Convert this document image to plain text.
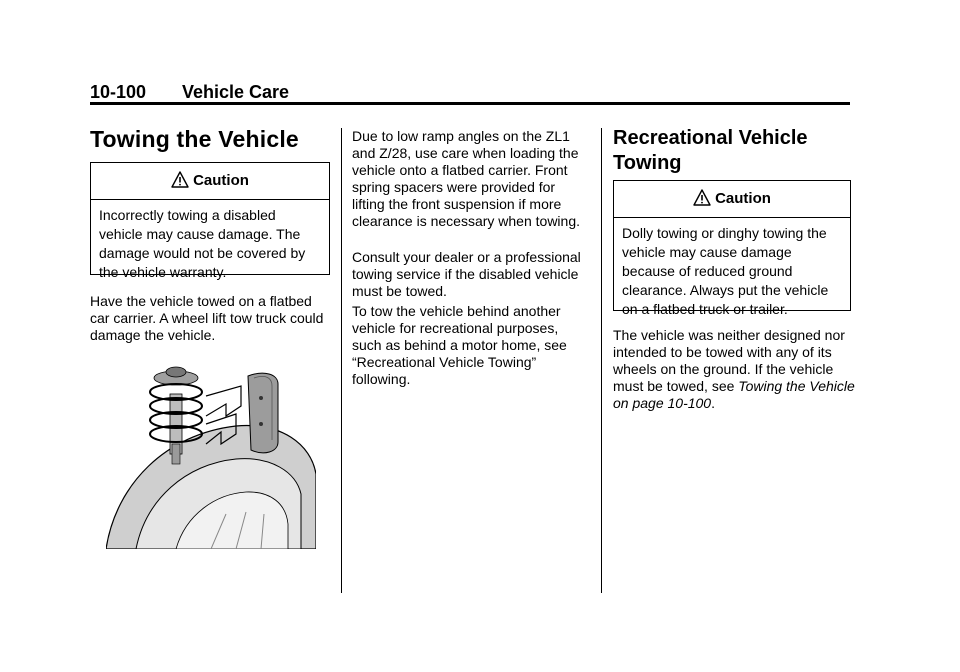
10-100 Vehicle Care
Towing the Vehicle
Caution
Incorrectly towing a disabled vehicle may cause damage. The damage would not be covered by the vehicle warranty.

Have the vehicle towed on a flatbed car carrier. A wheel lift tow truck could damage the vehicle.

Due to low ramp angles on the ZL1 and Z/28, use care when loading the vehicle onto a flatbed carrier. Front spring spacers were provided for lifting the front suspension if more clearance is necessary when towing.

Consult your dealer or a professional towing service if the disabled vehicle must be towed.

To tow the vehicle behind another vehicle for recreational purposes, such as behind a motor home, see “Recreational Vehicle Towing” following.

Recreational Vehicle Towing
Caution
Dolly towing or dinghy towing the vehicle may cause damage because of reduced ground clearance. Always put the vehicle on a flatbed truck or trailer.

The vehicle was neither designed nor intended to be towed with any of its wheels on the ground. If the vehicle must be towed, see Towing the Vehicle on page 10-100.
